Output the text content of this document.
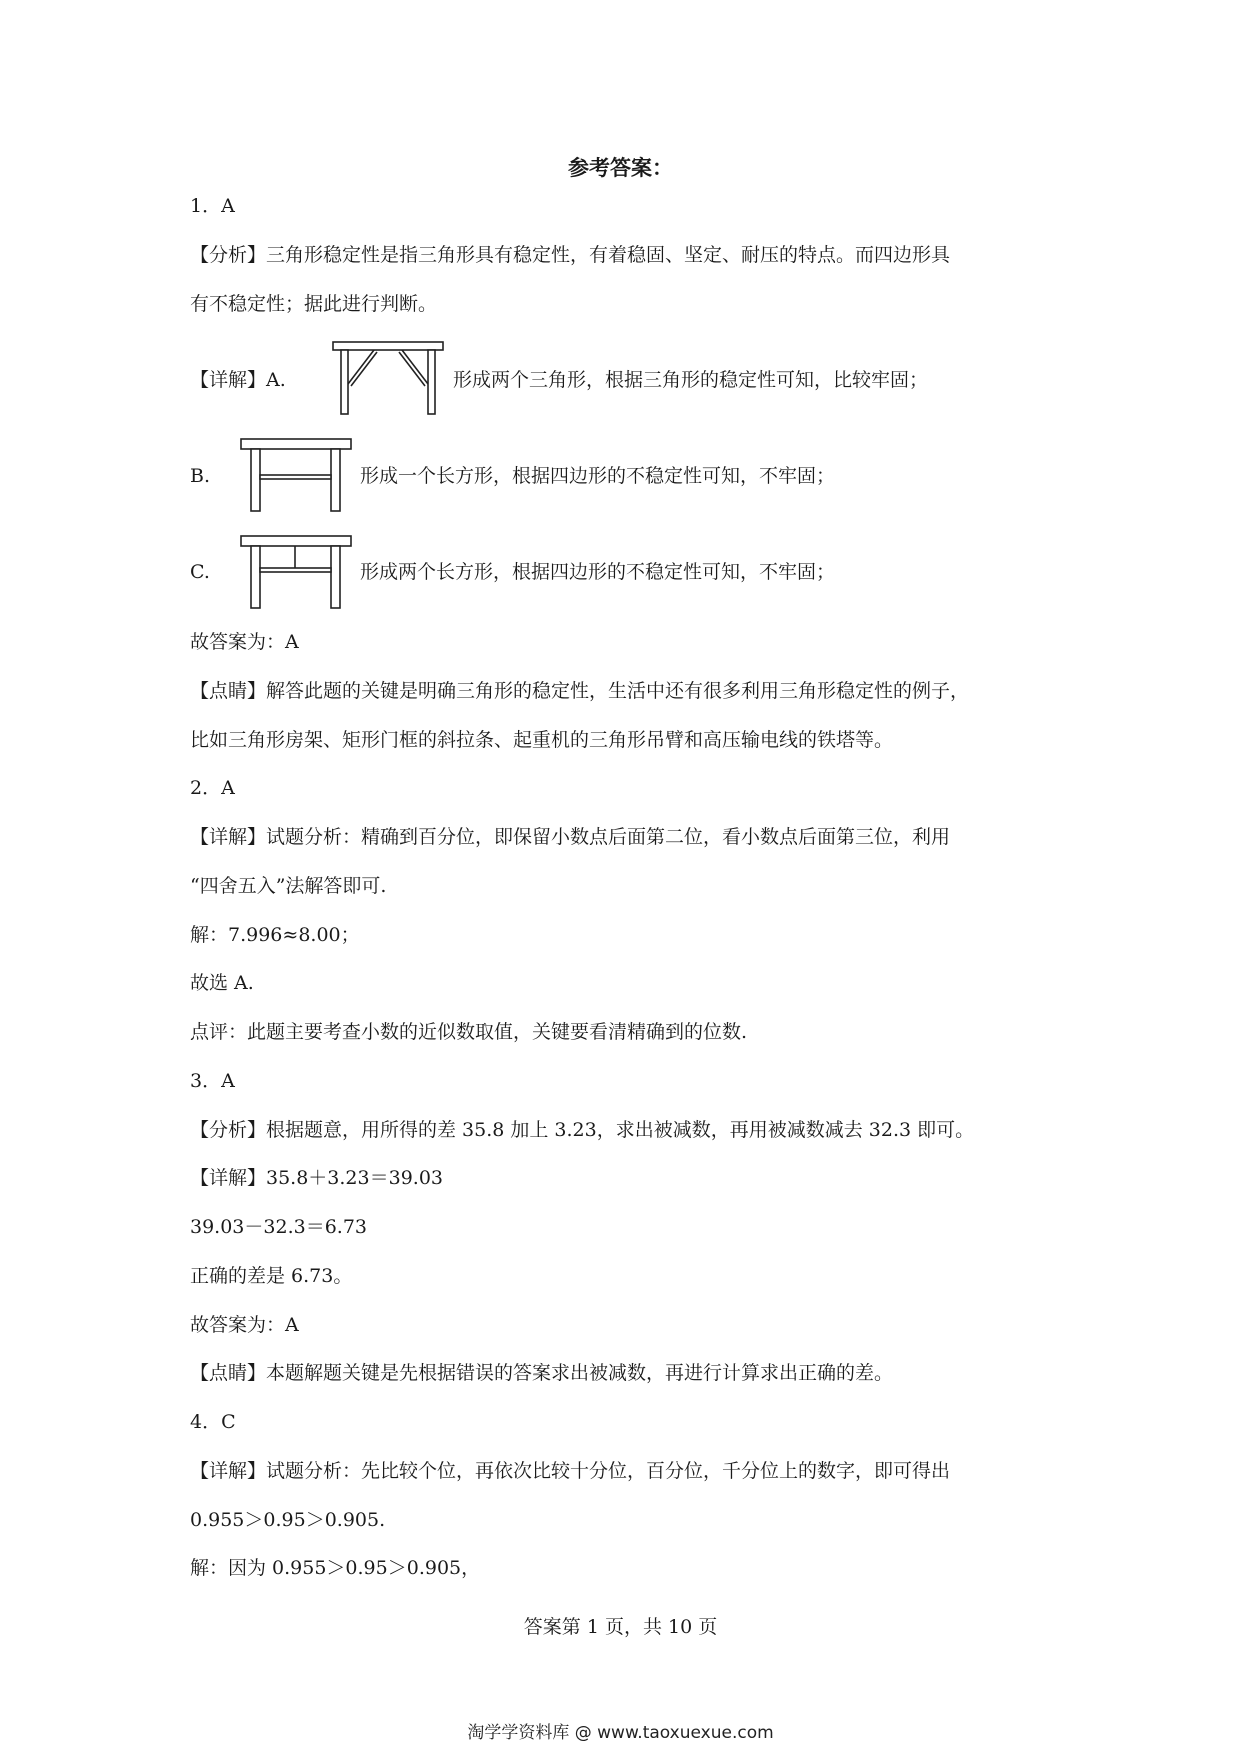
参考答案：
1．A
【分析】三角形稳定性是指三角形具有稳定性，有着稳固、坚定、耐压的特点。而四边形具
有不稳定性；据此进行判断。
【详解】A.	形成两个三角形，根据三角形的稳定性可知，比较牢固；
B.	形成一个长方形，根据四边形的不稳定性可知，不牢固；
C.	形成两个长方形，根据四边形的不稳定性可知，不牢固；
故答案为：A
【点睛】解答此题的关键是明确三角形的稳定性，生活中还有很多利用三角形稳定性的例子，
比如三角形房架、矩形门框的斜拉条、起重机的三角形吊臂和高压输电线的铁塔等。
2．A
【详解】试题分析：精确到百分位，即保留小数点后面第二位，看小数点后面第三位，利用
“四舍五入”法解答即可.
解：7.996≈8.00；
故选 A.
点评：此题主要考查小数的近似数取值，关键要看清精确到的位数.
3．A
【分析】根据题意，用所得的差 35.8 加上 3.23，求出被减数，再用被减数减去 32.3 即可。
【详解】35.8＋3.23＝39.03
39.03－32.3＝6.73
正确的差是 6.73。
故答案为：A
【点睛】本题解题关键是先根据错误的答案求出被减数，再进行计算求出正确的差。
4．C
【详解】试题分析：先比较个位，再依次比较十分位，百分位，千分位上的数字，即可得出
0.955＞0.95＞0.905.
解：因为 0.955＞0.95＞0.905，
答案第 1 页，共 10 页
淘学学资料库 @ www.taoxuexue.com
